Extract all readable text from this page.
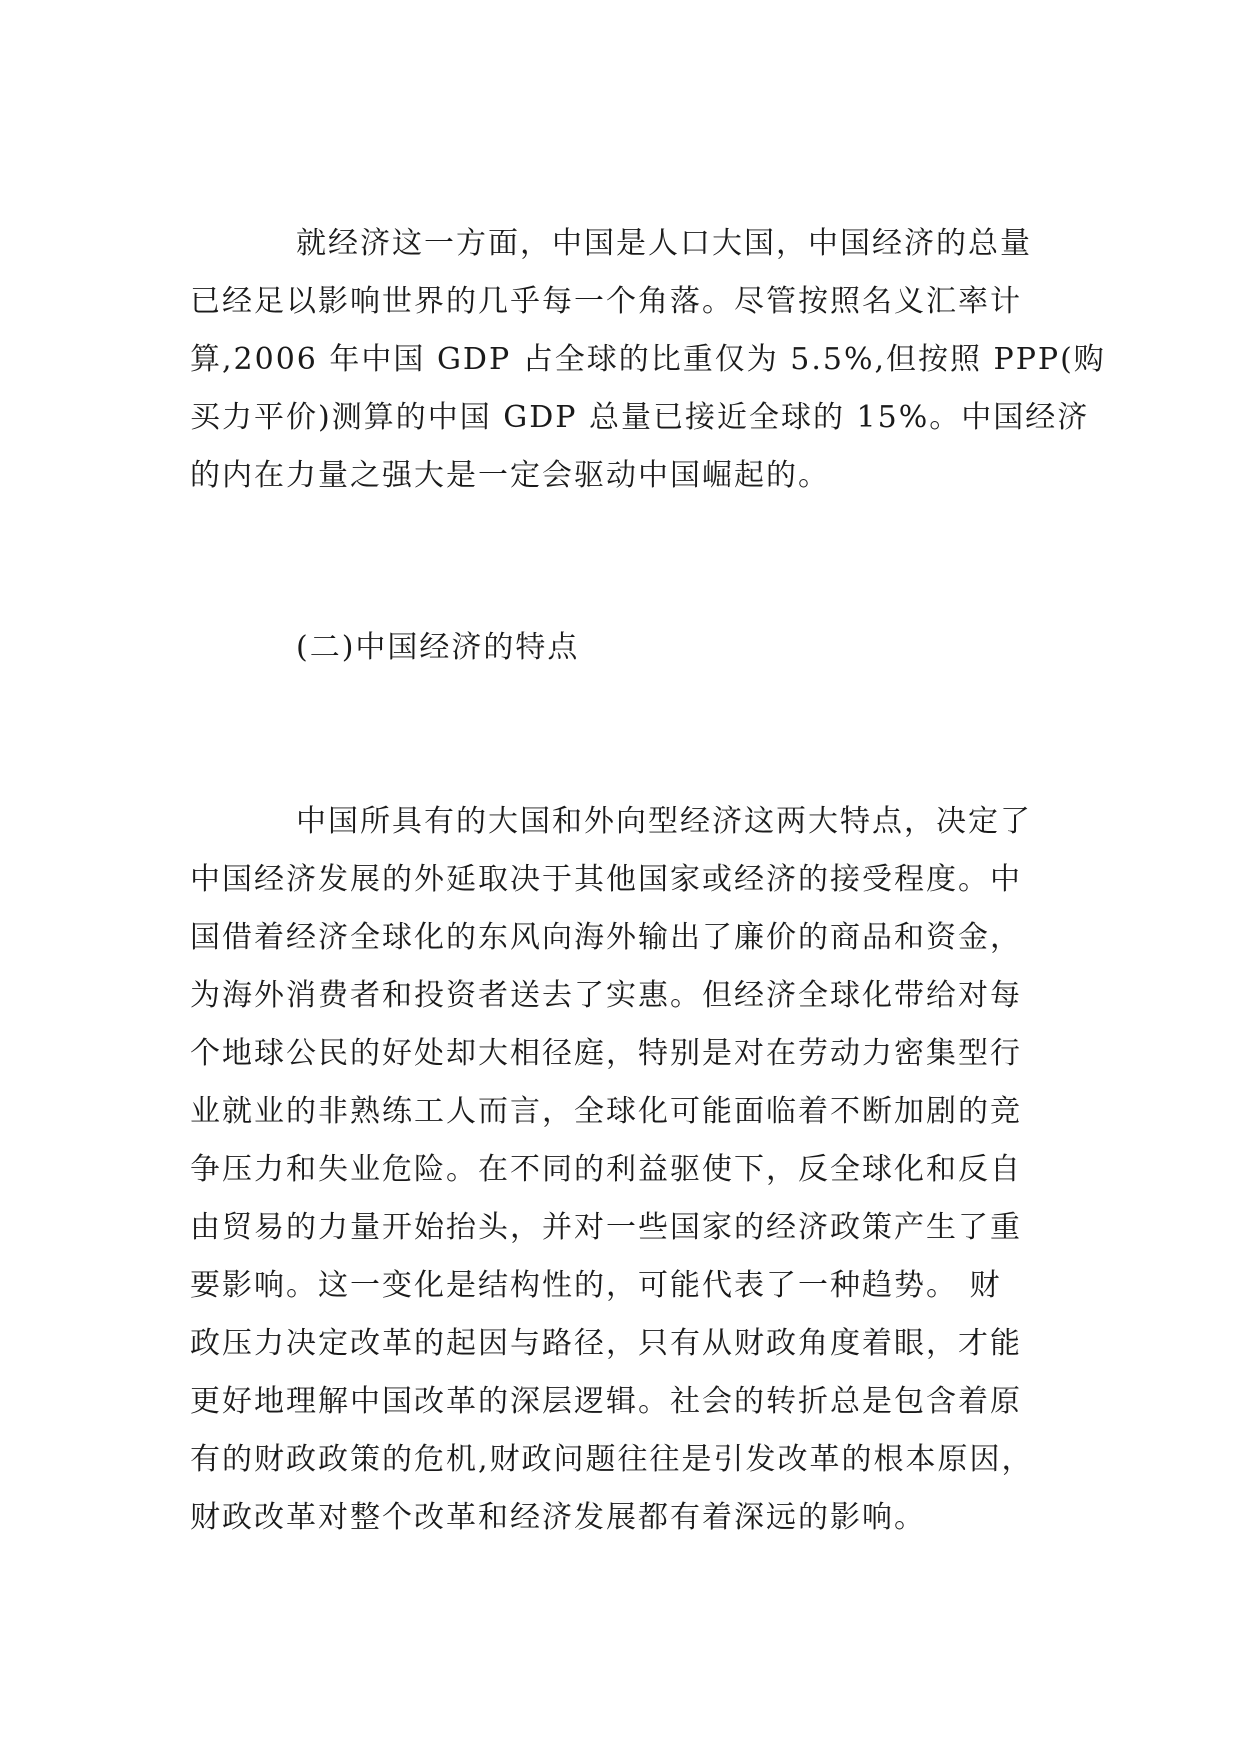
就经济这一方面，中国是人口大国，中国经济的总量
已经足以影响世界的几乎每一个角落。尽管按照名义汇率计
算,2006 年中国 GDP 占全球的比重仅为 5.5%,但按照 PPP(购
买力平价)测算的中国 GDP 总量已接近全球的 15%。中国经济
的内在力量之强大是一定会驱动中国崛起的。
(二)中国经济的特点
中国所具有的大国和外向型经济这两大特点，决定了
中国经济发展的外延取决于其他国家或经济的接受程度。中
国借着经济全球化的东风向海外输出了廉价的商品和资金，
为海外消费者和投资者送去了实惠。但经济全球化带给对每
个地球公民的好处却大相径庭，特别是对在劳动力密集型行
业就业的非熟练工人而言，全球化可能面临着不断加剧的竞
争压力和失业危险。在不同的利益驱使下，反全球化和反自
由贸易的力量开始抬头，并对一些国家的经济政策产生了重
要影响。这一变化是结构性的，可能代表了一种趋势。 财
政压力决定改革的起因与路径，只有从财政角度着眼，才能
更好地理解中国改革的深层逻辑。社会的转折总是包含着原
有的财政政策的危机,财政问题往往是引发改革的根本原因，
财政改革对整个改革和经济发展都有着深远的影响。
